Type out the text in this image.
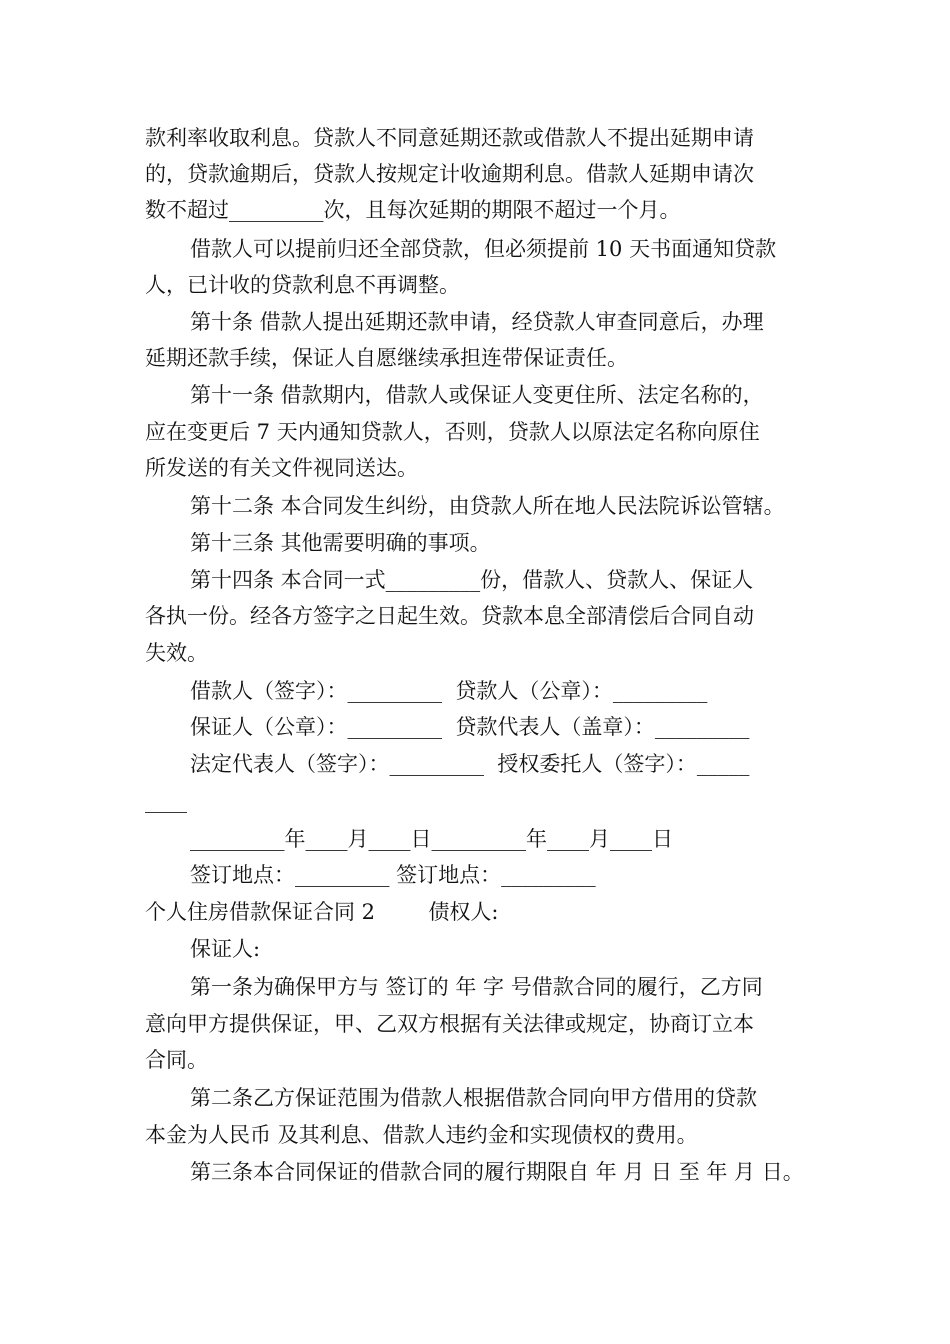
款利率收取利息。贷款人不同意延期还款或借款人不提出延期申请

的，贷款逾期后，贷款人按规定计收逾期利息。借款人延期申请次

数不超过_________次，且每次延期的期限不超过一个月。

借款人可以提前归还全部贷款，但必须提前 10 天书面通知贷款

人，已计收的贷款利息不再调整。

第十条 借款人提出延期还款申请，经贷款人审查同意后，办理

延期还款手续，保证人自愿继续承担连带保证责任。

第十一条 借款期内，借款人或保证人变更住所、法定名称的，

应在变更后 7 天内通知贷款人，否则，贷款人以原法定名称向原住

所发送的有关文件视同送达。

第十二条 本合同发生纠纷，由贷款人所在地人民法院诉讼管辖。

第十三条 其他需要明确的事项。

第十四条 本合同一式_________份，借款人、贷款人、保证人

各执一份。经各方签字之日起生效。贷款本息全部清偿后合同自动

失效。

借款人（签字）：_________  贷款人（公章）：_________

保证人（公章）：_________  贷款代表人（盖章）：_________

法定代表人（签字）：_________  授权委托人（签字）：_____

____

_________年____月____日_________年____月____日

签订地点：_________ 签订地点：_________

个人住房借款保证合同 2        债权人:

保证人:

第一条为确保甲方与 签订的 年 字 号借款合同的履行，乙方同

意向甲方提供保证，甲、乙双方根据有关法律或规定，协商订立本

合同。

第二条乙方保证范围为借款人根据借款合同向甲方借用的贷款

本金为人民币 及其利息、借款人违约金和实现债权的费用。

第三条本合同保证的借款合同的履行期限自 年 月 日 至 年 月 日。
